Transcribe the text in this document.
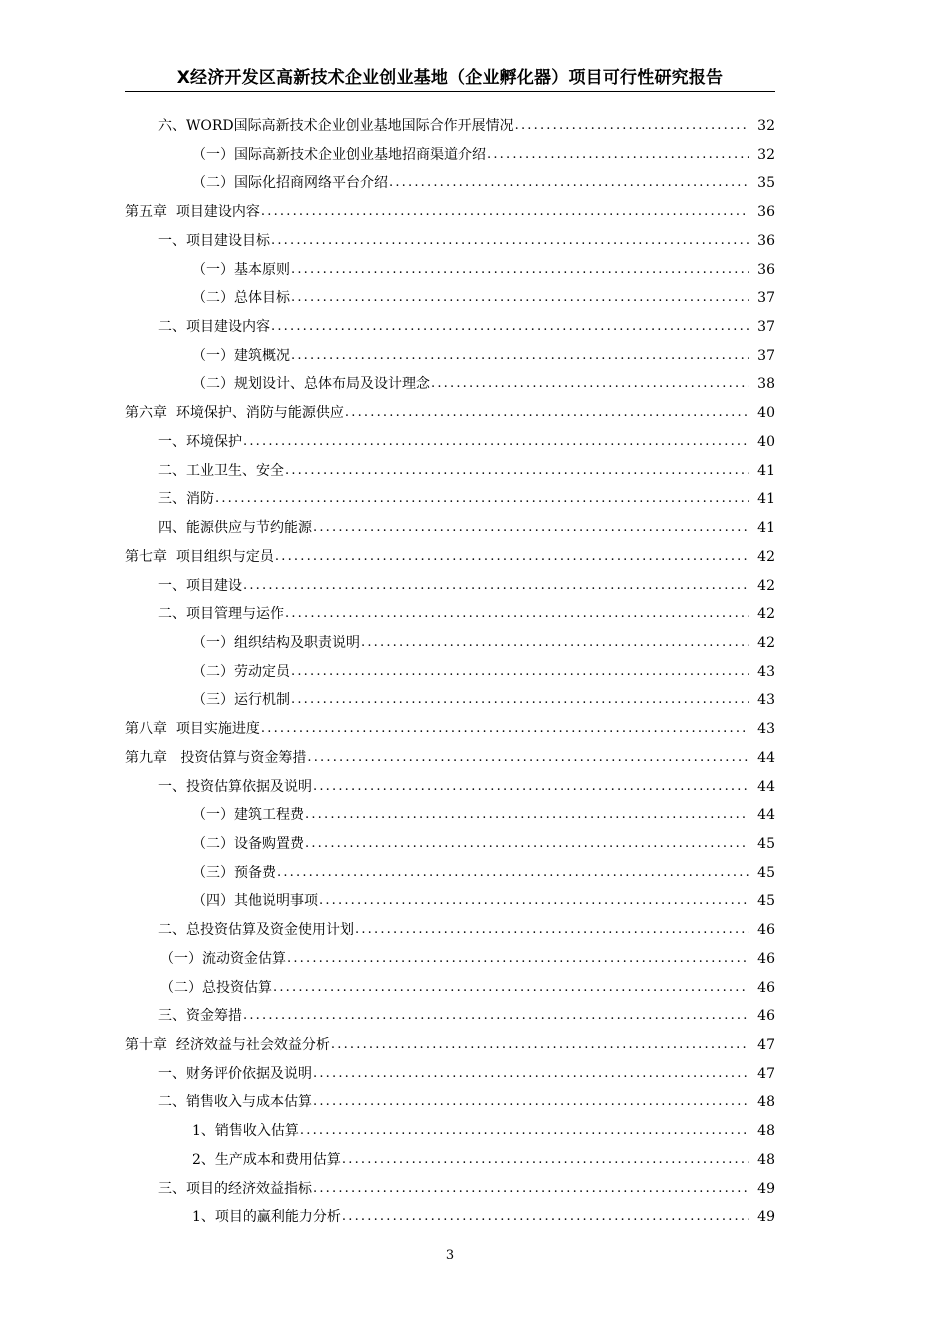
X经济开发区高新技术企业创业基地（企业孵化器）项目可行性研究报告
六、WORD国际高新技术企业创业基地国际合作开展情况 .....	32
（一）国际高新技术企业创业基地招商渠道介绍 .....	32
（二）国际化招商网络平台介绍 .....	35
第五章  项目建设内容 .....	36
一、项目建设目标 .....	36
（一）基本原则 .....	36
（二）总体目标 .....	37
二、项目建设内容 .....	37
（一）建筑概况 .....	37
（二）规划设计、总体布局及设计理念 .....	38
第六章  环境保护、消防与能源供应 .....	40
一、环境保护 .....	40
二、工业卫生、安全 .....	41
三、消防 .....	41
四、能源供应与节约能源 .....	41
第七章  项目组织与定员 .....	42
一、项目建设 .....	42
二、项目管理与运作 .....	42
（一）组织结构及职责说明 .....	42
（二）劳动定员 .....	43
（三）运行机制 .....	43
第八章  项目实施进度 .....	43
第九章   投资估算与资金筹措 .....	44
一、投资估算依据及说明 .....	44
（一）建筑工程费 .....	44
（二）设备购置费 .....	45
（三）预备费 .....	45
（四）其他说明事项 .....	45
二、总投资估算及资金使用计划 .....	46
（一）流动资金估算 .....	46
（二）总投资估算 .....	46
三、资金筹措 .....	46
第十章  经济效益与社会效益分析 .....	47
一、财务评价依据及说明 .....	47
二、销售收入与成本估算 .....	48
1、销售收入估算 .....	48
2、生产成本和费用估算 .....	48
三、项目的经济效益指标 .....	49
1、项目的赢利能力分析 .....	49
3
